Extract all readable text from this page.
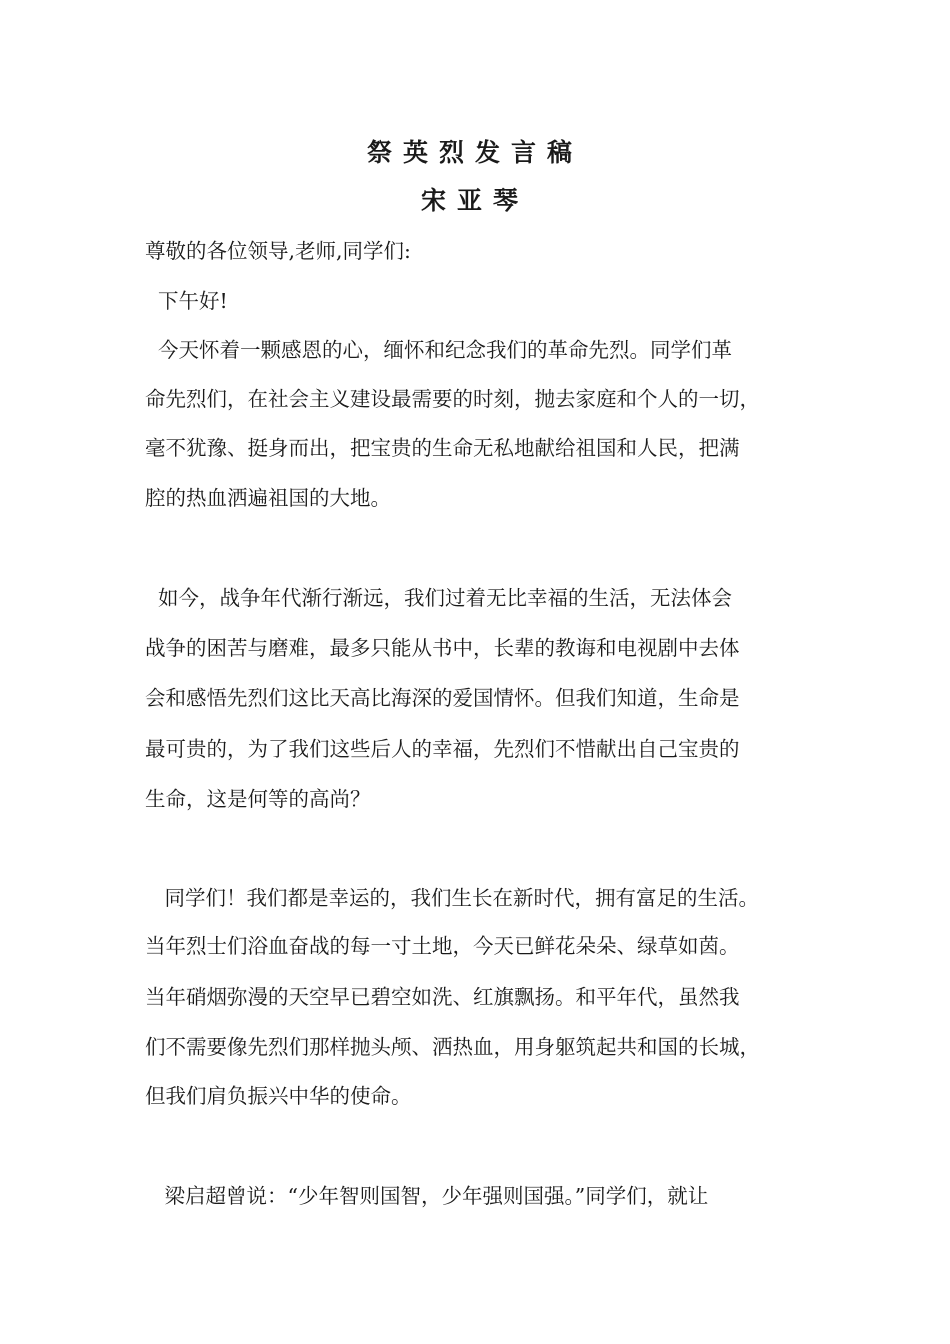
祭英烈发言稿
宋亚琴
尊敬的各位领导,老师,同学们:
下午好!
今天怀着一颗感恩的心，缅怀和纪念我们的革命先烈。同学们革
命先烈们，在社会主义建设最需要的时刻，抛去家庭和个人的一切，
毫不犹豫、挺身而出，把宝贵的生命无私地献给祖国和人民，把满
腔的热血洒遍祖国的大地。
如今，战争年代渐行渐远，我们过着无比幸福的生活，无法体会
战争的困苦与磨难，最多只能从书中，长辈的教诲和电视剧中去体
会和感悟先烈们这比天高比海深的爱国情怀。但我们知道，生命是
最可贵的，为了我们这些后人的幸福，先烈们不惜献出自己宝贵的
生命，这是何等的高尚？
同学们！我们都是幸运的，我们生长在新时代，拥有富足的生活。
当年烈士们浴血奋战的每一寸土地，今天已鲜花朵朵、绿草如茵。
当年硝烟弥漫的天空早已碧空如洗、红旗飘扬。和平年代，虽然我
们不需要像先烈们那样抛头颅、洒热血，用身躯筑起共和国的长城，
但我们肩负振兴中华的使命。
梁启超曾说：“少年智则国智，少年强则国强。”同学们，就让
